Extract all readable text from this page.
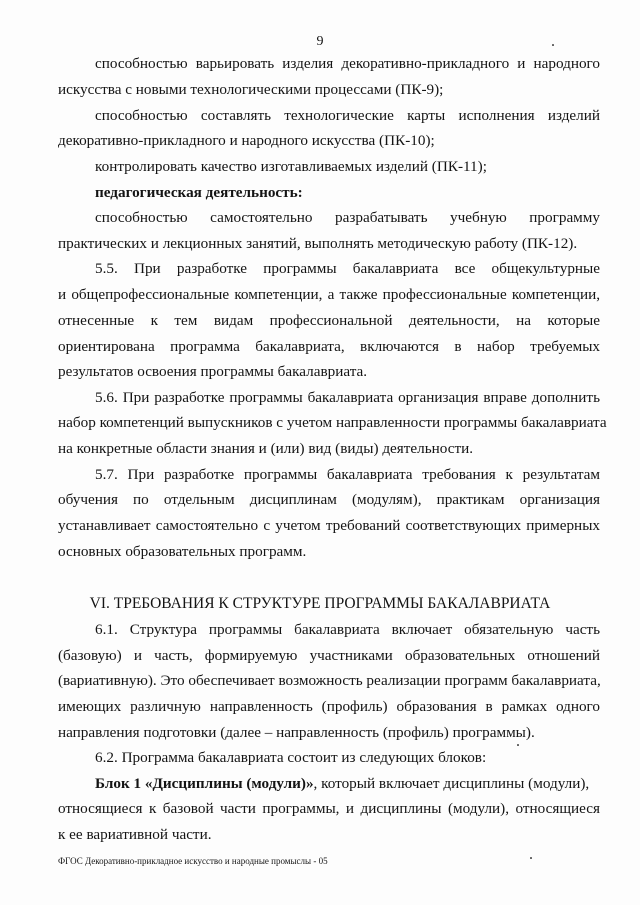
9
способностью варьировать изделия декоративно-прикладного и народного
искусства с новыми технологическими процессами (ПК-9);
способностью составлять технологические карты исполнения изделий
декоративно-прикладного и народного искусства (ПК-10);
контролировать качество изготавливаемых изделий (ПК-11);
педагогическая деятельность:
способностью самостоятельно разрабатывать учебную программу
практических и лекционных занятий, выполнять методическую работу (ПК-12).
5.5. При разработке программы бакалавриата все общекультурные
и общепрофессиональные компетенции, а также профессиональные компетенции,
отнесенные к тем видам профессиональной деятельности, на которые
ориентирована программа бакалавриата, включаются в набор требуемых
результатов освоения программы бакалавриата.
5.6. При разработке программы бакалавриата организация вправе дополнить
набор компетенций выпускников с учетом направленности программы бакалавриата
на конкретные области знания и (или) вид (виды) деятельности.
5.7. При разработке программы бакалавриата требования к результатам
обучения по отдельным дисциплинам (модулям), практикам организация
устанавливает самостоятельно с учетом требований соответствующих примерных
основных образовательных программ.
VI. ТРЕБОВАНИЯ К СТРУКТУРЕ ПРОГРАММЫ БАКАЛАВРИАТА
6.1. Структура программы бакалавриата включает обязательную часть
(базовую) и часть, формируемую участниками образовательных отношений
(вариативную). Это обеспечивает возможность реализации программ бакалавриата,
имеющих различную направленность (профиль) образования в рамках одного
направления подготовки (далее – направленность (профиль) программы).
6.2. Программа бакалавриата состоит из следующих блоков:
Блок 1 «Дисциплины (модули)», который включает дисциплины (модули),
относящиеся к базовой части программы, и дисциплины (модули), относящиеся
к ее вариативной части.
ФГОС Декоративно-прикладное искусство и народные промыслы - 05
